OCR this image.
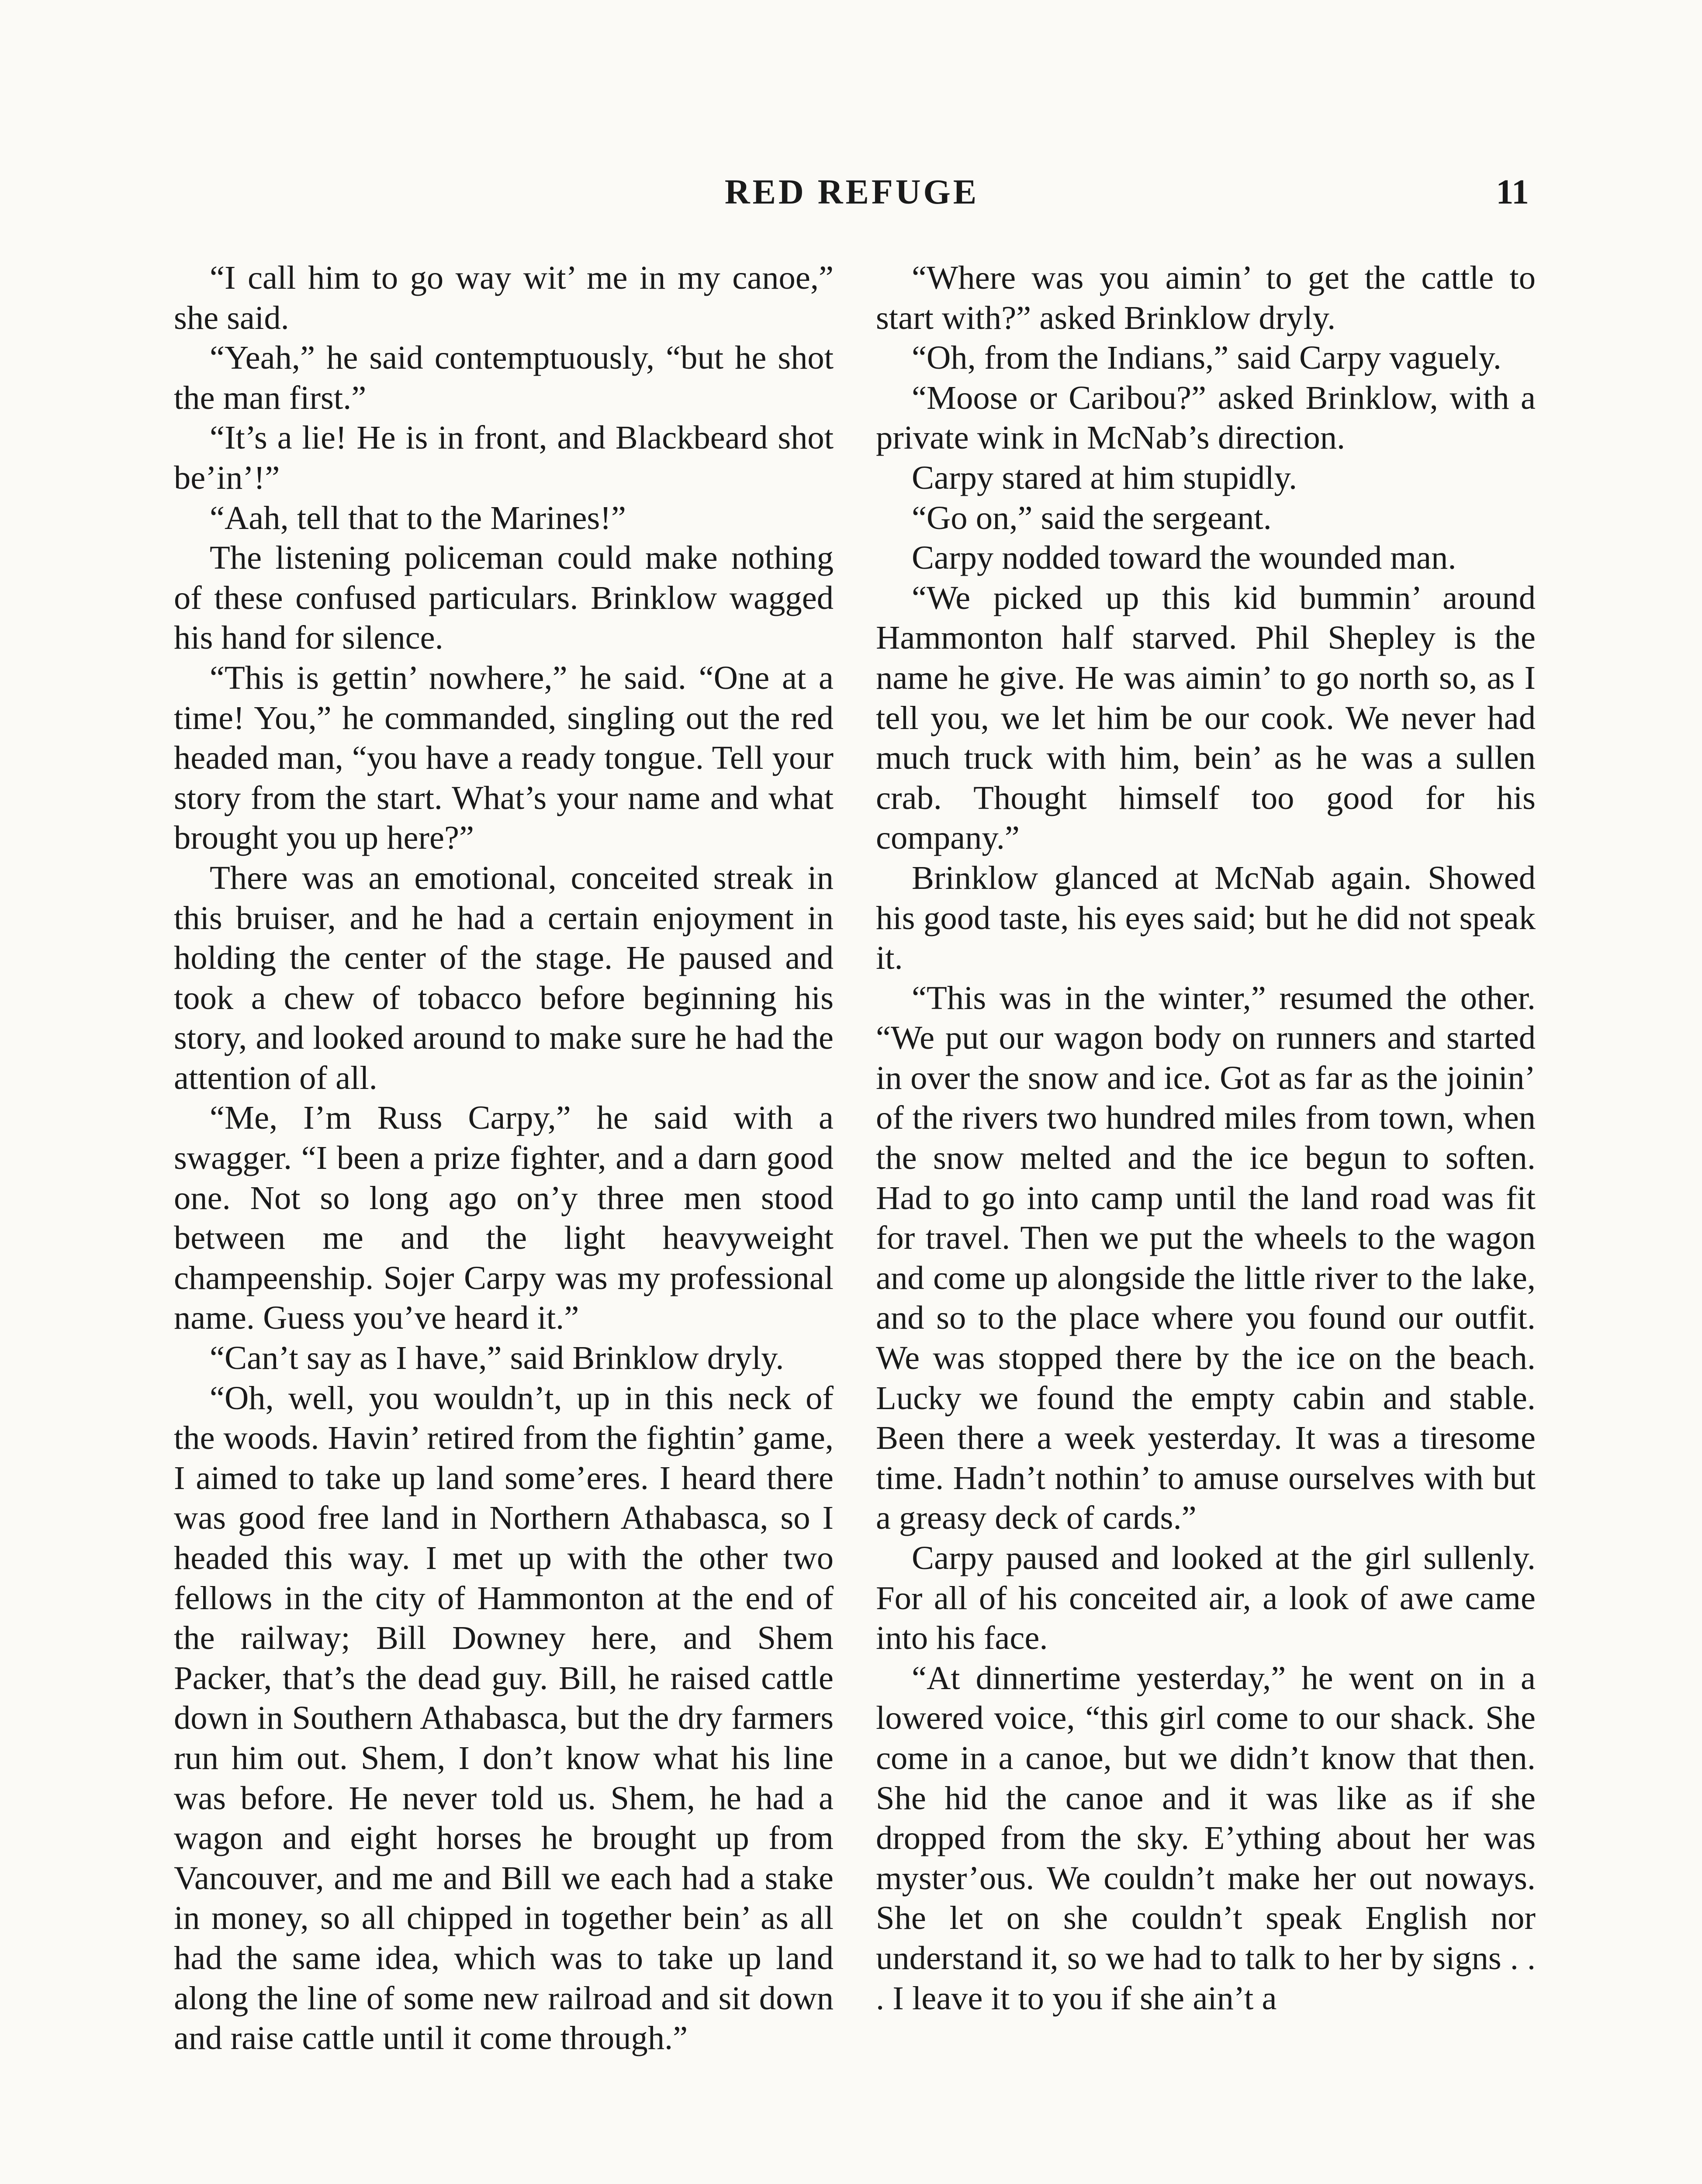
RED REFUGE	11

“I call him to go way wit’ me in my canoe,” she said.

“Yeah,” he said contemptuously, “but he shot the man first.”

“It’s a lie! He is in front, and Blackbeard shot be’in’!”

“Aah, tell that to the Marines!”

The listening policeman could make nothing of these confused particulars. Brinklow wagged his hand for silence.

“This is gettin’ nowhere,” he said. “One at a time! You,” he commanded, singling out the red headed man, “you have a ready tongue. Tell your story from the start. What’s your name and what brought you up here?”

There was an emotional, conceited streak in this bruiser, and he had a certain enjoyment in holding the center of the stage. He paused and took a chew of tobacco before beginning his story, and looked around to make sure he had the attention of all.

“Me, I’m Russ Carpy,” he said with a swagger. “I been a prize fighter, and a darn good one. Not so long ago on’y three men stood between me and the light heavyweight champeenship. Sojer Carpy was my professional name. Guess you’ve heard it.”

“Can’t say as I have,” said Brinklow dryly.

“Oh, well, you wouldn’t, up in this neck of the woods. Havin’ retired from the fightin’ game, I aimed to take up land some’eres. I heard there was good free land in Northern Athabasca, so I headed this way. I met up with the other two fellows in the city of Hammonton at the end of the railway; Bill Downey here, and Shem Packer, that’s the dead guy. Bill, he raised cattle down in Southern Athabasca, but the dry farmers run him out. Shem, I don’t know what his line was before. He never told us. Shem, he had a wagon and eight horses he brought up from Vancouver, and me and Bill we each had a stake in money, so all chipped in together bein’ as all had the same idea, which was to take up land along the line of some new railroad and sit down and raise cattle until it come through.”

“Where was you aimin’ to get the cattle to start with?” asked Brinklow dryly.

“Oh, from the Indians,” said Carpy vaguely.

“Moose or Caribou?” asked Brinklow, with a private wink in McNab’s direction.

Carpy stared at him stupidly.

“Go on,” said the sergeant.

Carpy nodded toward the wounded man.

“We picked up this kid bummin’ around Hammonton half starved. Phil Shepley is the name he give. He was aimin’ to go north so, as I tell you, we let him be our cook. We never had much truck with him, bein’ as he was a sullen crab. Thought himself too good for his company.”

Brinklow glanced at McNab again. Showed his good taste, his eyes said; but he did not speak it.

“This was in the winter,” resumed the other. “We put our wagon body on runners and started in over the snow and ice. Got as far as the joinin’ of the rivers two hundred miles from town, when the snow melted and the ice begun to soften. Had to go into camp until the land road was fit for travel. Then we put the wheels to the wagon and come up alongside the little river to the lake, and so to the place where you found our outfit. We was stopped there by the ice on the beach. Lucky we found the empty cabin and stable. Been there a week yesterday. It was a tiresome time. Hadn’t nothin’ to amuse ourselves with but a greasy deck of cards.”

Carpy paused and looked at the girl sullenly. For all of his conceited air, a look of awe came into his face.

“At dinnertime yesterday,” he went on in a lowered voice, “this girl come to our shack. She come in a canoe, but we didn’t know that then. She hid the canoe and it was like as if she dropped from the sky. E’ything about her was myster’ous. We couldn’t make her out noways. She let on she couldn’t speak English nor understand it, so we had to talk to her by signs . . . I leave it to you if she ain’t a
